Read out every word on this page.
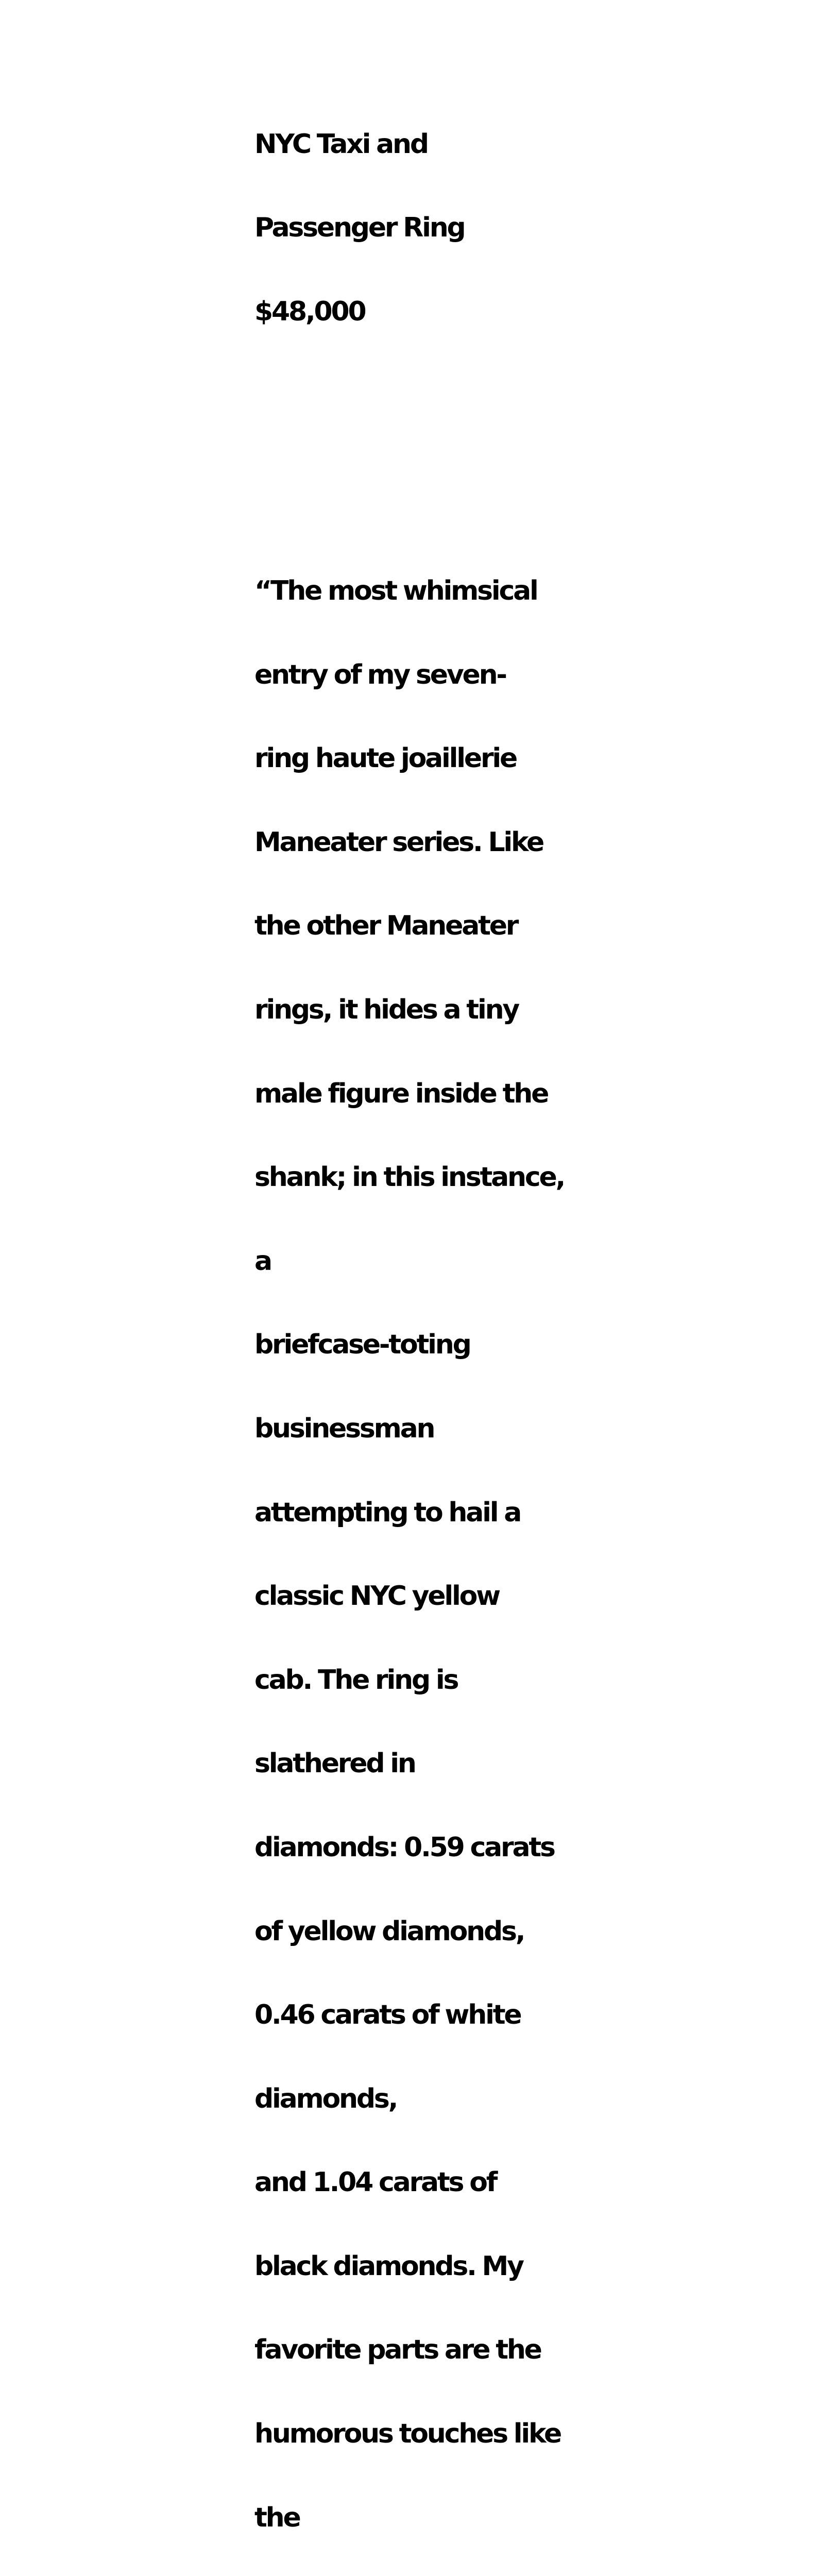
NYC Taxi and

Passenger Ring

$48,000

“The most whimsical

entry of my seven-

ring haute joaillerie

Maneater series. Like

the other Maneater

rings, it hides a tiny

male figure inside the

shank; in this instance,

a

briefcase-toting

businessman

attempting to hail a

classic NYC yellow

cab. The ring is

slathered in

diamonds: 0.59 carats

of yellow diamonds,

0.46 carats of white

diamonds,

and 1.04 carats of

black diamonds. My

favorite parts are the

humorous touches like

the
